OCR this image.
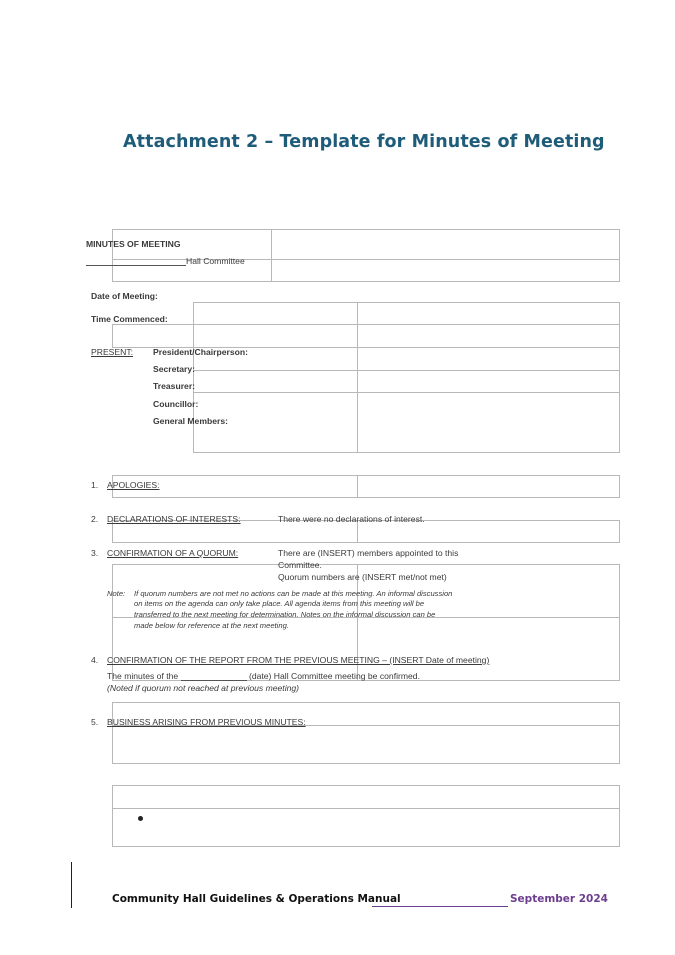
Attachment 2 – Template for Minutes of Meeting
MINUTES OF MEETING
Hall Committee
Date of Meeting:
Time Commenced:
PRESENT: President/Chairperson:
Secretary:
Treasurer:
Councillor:
General Members:
1. APOLOGIES:
2. DECLARATIONS OF INTERESTS:	There were no declarations of interest.
3. CONFIRMATION OF A QUORUM:	There are (INSERT) members appointed to this
Committee.
Quorum numbers are (INSERT met/not met)
Note: If quorum numbers are not met no actions can be made at this meeting. An informal discussion
on items on the agenda can only take place. All agenda items from this meeting will be
transferred to the next meeting for determination. Notes on the informal discussion can be
made below for reference at the next meeting.
4. CONFIRMATION OF THE REPORT FROM THE PREVIOUS MEETING – (INSERT Date of meeting)
The minutes of the	(date) Hall Committee meeting be confirmed.
(Noted if quorum not reached at previous meeting)
5. BUSINESS ARISING FROM PREVIOUS MINUTES:
Community Hall Guidelines & Operations Manual	September 2024
